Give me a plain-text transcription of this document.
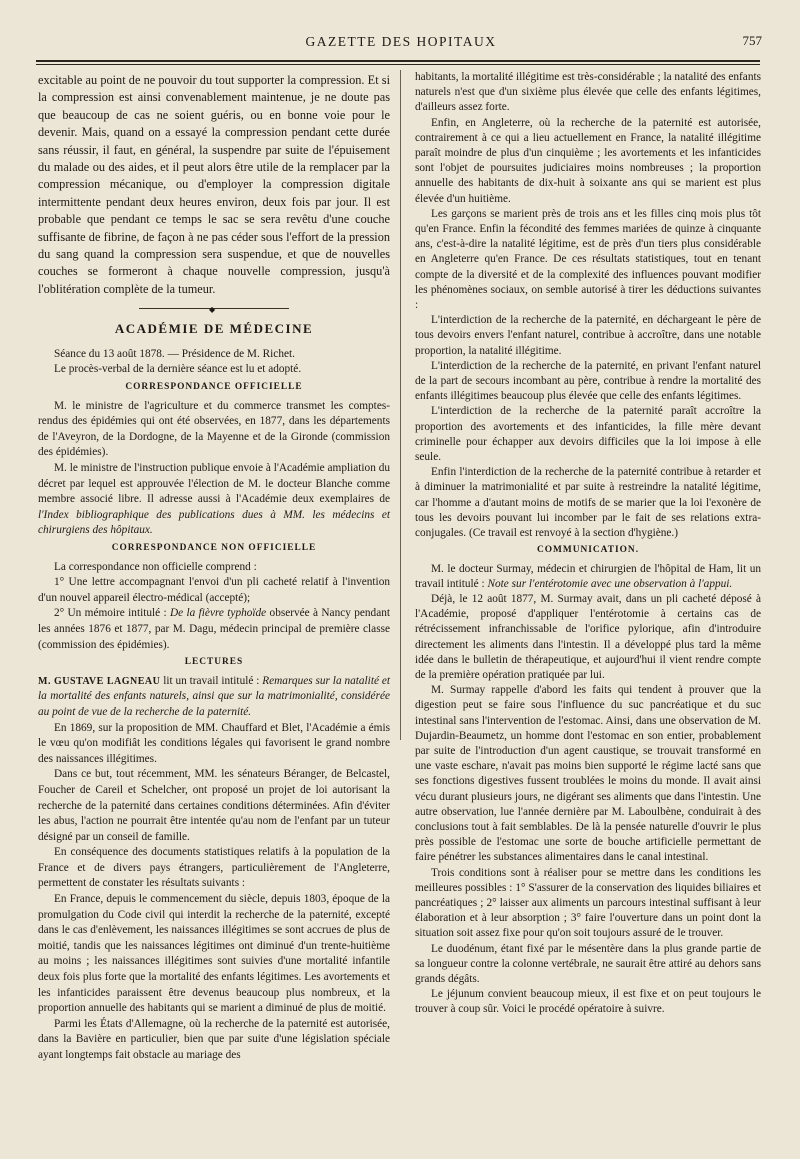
GAZETTE DES HOPITAUX	757

excitable au point de ne pouvoir du tout supporter la compression. Et si la compression est ainsi convenablement maintenue, je ne doute pas que beaucoup de cas ne soient guéris, ou en bonne voie pour le devenir. Mais, quand on a essayé la compression pendant cette durée sans réussir, il faut, en général, la suspendre par suite de l'épuisement du malade ou des aides, et il peut alors être utile de la remplacer par la compression mécanique, ou d'employer la compression digitale intermittente pendant deux heures environ, deux fois par jour. Il est probable que pendant ce temps le sac se sera revêtu d'une couche suffisante de fibrine, de façon à ne pas céder sous l'effort de la pression du sang quand la compression sera suspendue, et que de nouvelles couches se formeront à chaque nouvelle compression, jusqu'à l'oblitération complète de la tumeur.

◆
ACADÉMIE DE MÉDECINE

Séance du 13 août 1878. — Présidence de M. Richet.

Le procès-verbal de la dernière séance est lu et adopté.

CORRESPONDANCE OFFICIELLE

M. le ministre de l'agriculture et du commerce transmet les comptes-rendus des épidémies qui ont été observées, en 1877, dans les départements de l'Aveyron, de la Dordogne, de la Mayenne et de la Gironde (commission des épidémies).

M. le ministre de l'instruction publique envoie à l'Académie ampliation du décret par lequel est approuvée l'élection de M. le docteur Blanche comme membre associé libre. Il adresse aussi à l'Académie deux exemplaires de l'Index bibliographique des publications dues à MM. les médecins et chirurgiens des hôpitaux.

CORRESPONDANCE NON OFFICIELLE

La correspondance non officielle comprend :

1° Une lettre accompagnant l'envoi d'un pli cacheté relatif à l'invention d'un nouvel appareil électro-médical (accepté);

2° Un mémoire intitulé : De la fièvre typhoïde observée à Nancy pendant les années 1876 et 1877, par M. Dagu, médecin principal de première classe (commission des épidémies).

LECTURES

M. GUSTAVE LAGNEAU lit un travail intitulé : Remarques sur la natalité et la mortalité des enfants naturels, ainsi que sur la matrimonialité, considérée au point de vue de la recherche de la paternité.

En 1869, sur la proposition de MM. Chauffard et Blet, l'Académie a émis le vœu qu'on modifiât les conditions légales qui favorisent le grand nombre des naissances illégitimes.

Dans ce but, tout récemment, MM. les sénateurs Béranger, de Belcastel, Foucher de Careil et Schelcher, ont proposé un projet de loi autorisant la recherche de la paternité dans certaines conditions déterminées. Afin d'éviter les abus, l'action ne pourrait être intentée qu'au nom de l'enfant par un tuteur désigné par un conseil de famille.

En conséquence des documents statistiques relatifs à la population de la France et de divers pays étrangers, particulièrement de l'Angleterre, permettent de constater les résultats suivants :

En France, depuis le commencement du siècle, depuis 1803, époque de la promulgation du Code civil qui interdit la recherche de la paternité, excepté dans le cas d'enlèvement, les naissances illégitimes se sont accrues de plus de moitié, tandis que les naissances légitimes ont diminué d'un trente-huitième au moins ; les naissances illégitimes sont suivies d'une mortalité infantile deux fois plus forte que la mortalité des enfants légitimes. Les avortements et les infanticides paraissent être devenus beaucoup plus nombreux, et la proportion annuelle des habitants qui se marient a diminué de plus de moitié.

Parmi les États d'Allemagne, où la recherche de la paternité est autorisée, dans la Bavière en particulier, bien que par suite d'une législation spéciale ayant longtemps fait obstacle au mariage des

habitants, la mortalité illégitime est très-considérable ; la natalité des enfants naturels n'est que d'un sixième plus élevée que celle des enfants légitimes, d'ailleurs assez forte.

Enfin, en Angleterre, où la recherche de la paternité est autorisée, contrairement à ce qui a lieu actuellement en France, la natalité illégitime paraît moindre de plus d'un cinquième ; les avortements et les infanticides sont l'objet de poursuites judiciaires moins nombreuses ; la proportion annuelle des habitants de dix-huit à soixante ans qui se marient est plus élevée d'un huitième.

Les garçons se marient près de trois ans et les filles cinq mois plus tôt qu'en France. Enfin la fécondité des femmes mariées de quinze à cinquante ans, c'est-à-dire la natalité légitime, est de près d'un tiers plus considérable en Angleterre qu'en France. De ces résultats statistiques, tout en tenant compte de la diversité et de la complexité des influences pouvant modifier les phénomènes sociaux, on semble autorisé à tirer les déductions suivantes :

L'interdiction de la recherche de la paternité, en déchargeant le père de tous devoirs envers l'enfant naturel, contribue à accroître, dans une notable proportion, la natalité illégitime.

L'interdiction de la recherche de la paternité, en privant l'enfant naturel de la part de secours incombant au père, contribue à rendre la mortalité des enfants illégitimes beaucoup plus élevée que celle des enfants légitimes.

L'interdiction de la recherche de la paternité paraît accroître la proportion des avortements et des infanticides, la fille mère devant criminelle pour échapper aux devoirs difficiles que la loi impose à elle seule.

Enfin l'interdiction de la recherche de la paternité contribue à retarder et à diminuer la matrimonialité et par suite à restreindre la natalité légitime, car l'homme a d'autant moins de motifs de se marier que la loi l'exonère de tous les devoirs pouvant lui incomber par le fait de ses relations extra-conjugales. (Ce travail est renvoyé à la section d'hygiène.)

COMMUNICATION.

M. le docteur Surmay, médecin et chirurgien de l'hôpital de Ham, lit un travail intitulé : Note sur l'entérotomie avec une observation à l'appui.

Déjà, le 12 août 1877, M. Surmay avait, dans un pli cacheté déposé à l'Académie, proposé d'appliquer l'entérotomie à certains cas de rétrécissement infranchissable de l'orifice pylorique, afin d'introduire directement les aliments dans l'intestin. Il a développé plus tard la même idée dans le bulletin de thérapeutique, et aujourd'hui il vient rendre compte de la première opération pratiquée par lui.

M. Surmay rappelle d'abord les faits qui tendent à prouver que la digestion peut se faire sous l'influence du suc pancréatique et du suc intestinal sans l'intervention de l'estomac. Ainsi, dans une observation de M. Dujardin-Beaumetz, un homme dont l'estomac en son entier, probablement par suite de l'introduction d'un agent caustique, se trouvait transformé en une vaste eschare, n'avait pas moins bien supporté le régime lacté sans que ses fonctions digestives fussent troublées le moins du monde. Il avait ainsi vécu durant plusieurs jours, ne digérant ses aliments que dans l'intestin. Une autre observation, lue l'année dernière par M. Laboulbène, conduirait à des conclusions tout à fait semblables. De là la pensée naturelle d'ouvrir le plus près possible de l'estomac une sorte de bouche artificielle permettant de faire pénétrer les substances alimentaires dans le canal intestinal.

Trois conditions sont à réaliser pour se mettre dans les conditions les meilleures possibles : 1° S'assurer de la conservation des liquides biliaires et pancréatiques ; 2° laisser aux aliments un parcours intestinal suffisant à leur élaboration et à leur absorption ; 3° faire l'ouverture dans un point dont la situation soit assez fixe pour qu'on soit toujours assuré de le trouver.

Le duodénum, étant fixé par le mésentère dans la plus grande partie de sa longueur contre la colonne vertébrale, ne saurait être attiré au dehors sans grands dégâts.

Le jéjunum convient beaucoup mieux, il est fixe et on peut toujours le trouver à coup sûr. Voici le procédé opératoire à suivre.
